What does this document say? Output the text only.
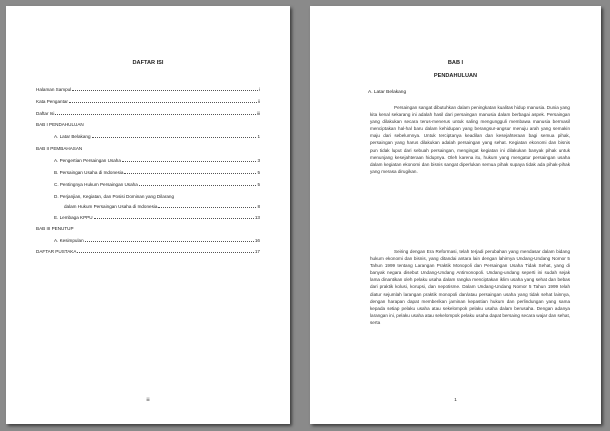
DAFTAR ISI
Halaman Sampul	i
Kata Pengantar	ii
Daftar Isi	iii
BAB I PENDAHULUAN
A. Latar Belakang	1
BAB II PEMBAHASAN
A. Pengertian Persaingan Usaha	3
B. Persaingan Usaha di Indonesia	5
C. Pentingnya Hukum Persaingan Usaha	5
D. Perjanjian, Kegiatan, dan Posisi Dominan yang Dilarang
dalam Hukum Persaingan Usaha di Indonesia	8
E. Lembaga KPPU	13
BAB III PENUTUP
A. Kesimpulan	16
DAFTAR PUSTAKA	17
iii
BAB I
PENDAHULUAN
A. Latar Belakang
Persaingan sangat dibutuhkan dalam peningkatan kualitas hidup manusia. Dunia yang kita kenal sekarang ini adalah hasil dari persaingan manusia dalam berbagai aspek. Persaingan yang dilakukan secara terus-menerus untuk saling mengungguli membawa manusia bermasil menciptakan hal-hal baru dalam kehidupan yang berangsur-angsur menuju arah yang semakin maju dari sebelumnya. Untuk terciptanya keadilan dan kesejahteraan bagi semua pihak, persaingan yang harus dilakukan adalah persaingan yang sehat. Kegiatan ekonomi dan bisnis pun tidak luput dari sebuah persaingan, mengingat kegiatan ini dilakukan banyak pihak untuk menunjang kesejahteraan hidupnya. Oleh karena itu, hukum yang mengatur persaingan usaha dalam kegiatan ekonomi dan bisnis sangat diperlukan semua pihak supaya tidak ada pihak-pihak yang merasa dirugikan.
Seiring dengan Era Reformasi, telah terjadi perubahan yang mendasar dalam bidang hukum ekonomi dan bisnis, yang ditandai antara lain dengan lahirnya Undang-Undang Nomor 5 Tahun 1999 tentang Larangan Praktik Monopoli dan Persaingan Usaha Tidak Sehat, yang di banyak negara disebut Undang-Undang Antimonopoli. Undang-undang seperti ini sudah sejak lama dinantikan oleh pelaku usaha dalam rangka menciptakan iklim usaha yang sehat dan bebas dari praktik kolusi, korupsi, dan nepotisme. Dalam Undang-Undang Nomor 5 Tahun 1999 telah diatur sejumlah larangan praktik monopoli dan/atau persaingan usaha yang tidak sehat lainnya, dengan harapan dapat memberikan jaminan kepastian hukum dan perlindungan yang sama kepada setiap pelaku usaha atau sekelompok pelaku usaha dalam berusaha. Dengan adanya larangan ini, pelaku usaha atau sekelompok pelaku usaha dapat bersaing secara wajar dan sehat, serta
1
